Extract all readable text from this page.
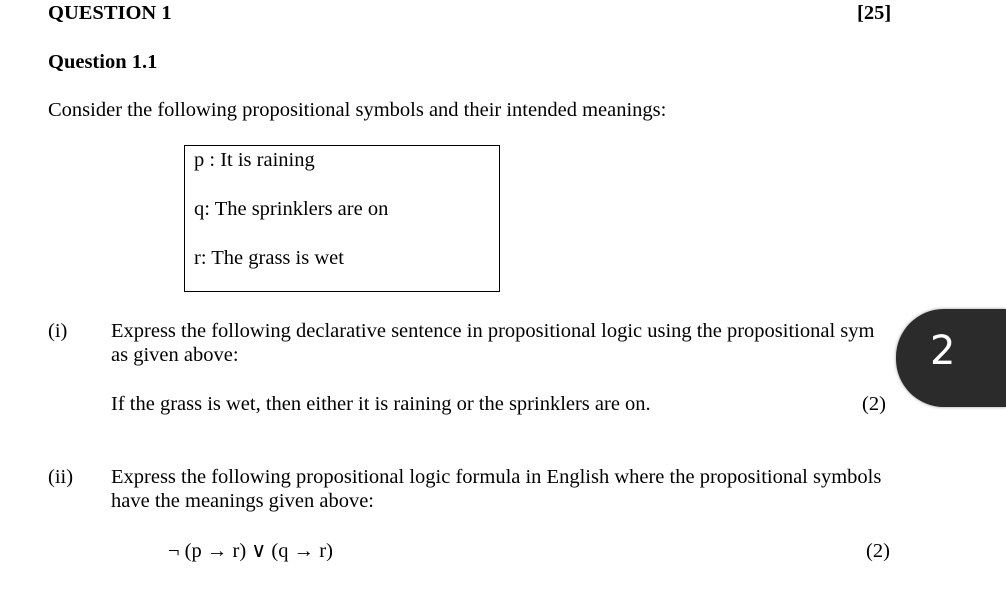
QUESTION 1	[25]
Question 1.1
Consider the following propositional symbols and their intended meanings:
p : It is raining
q: The sprinklers are on
r: The grass is wet
(i) Express the following declarative sentence in propositional logic using the propositional sym
as given above:
If the grass is wet, then either it is raining or the sprinklers are on.	(2)
2
(ii) Express the following propositional logic formula in English where the propositional symbols
have the meanings given above:
¬ (p → r) ∨ (q → r)	(2)
